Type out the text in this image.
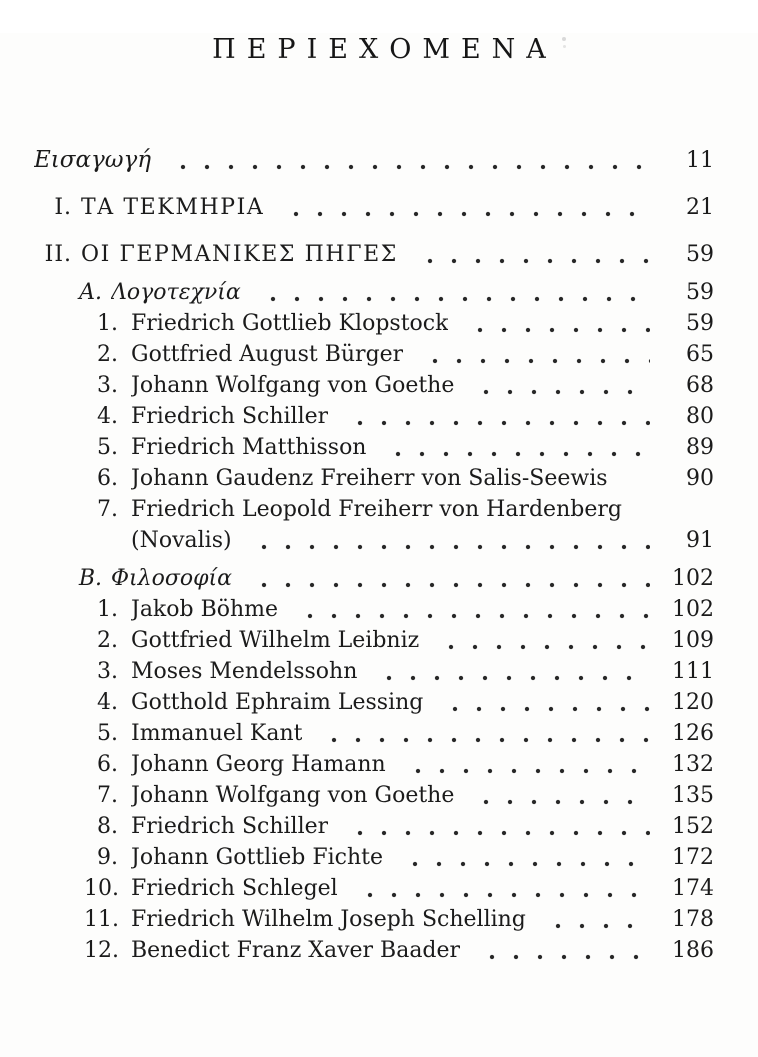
ΠΕΡΙΕΧΟΜΕΝΑ
Εισαγωγή	11
I. ΤΑ ΤΕΚΜΗΡΙΑ	21
II. ΟΙ ΓΕΡΜΑΝΙΚΕΣ ΠΗΓΕΣ	59
Α. Λογοτεχνία	59
1. Friedrich Gottlieb Klopstock	59
2. Gottfried August Bürger	65
3. Johann Wolfgang von Goethe	68
4. Friedrich Schiller	80
5. Friedrich Matthisson	89
6. Johann Gaudenz Freiherr von Salis-Seewis	90
7. Friedrich Leopold Freiherr von Hardenberg
(Novalis)	91
Β. Φιλοσοφία	102
1. Jakob Böhme	102
2. Gottfried Wilhelm Leibniz	109
3. Moses Mendelssohn	111
4. Gotthold Ephraim Lessing	120
5. Immanuel Kant	126
6. Johann Georg Hamann	132
7. Johann Wolfgang von Goethe	135
8. Friedrich Schiller	152
9. Johann Gottlieb Fichte	172
10. Friedrich Schlegel	174
11. Friedrich Wilhelm Joseph Schelling	178
12. Benedict Franz Xaver Baader	186
